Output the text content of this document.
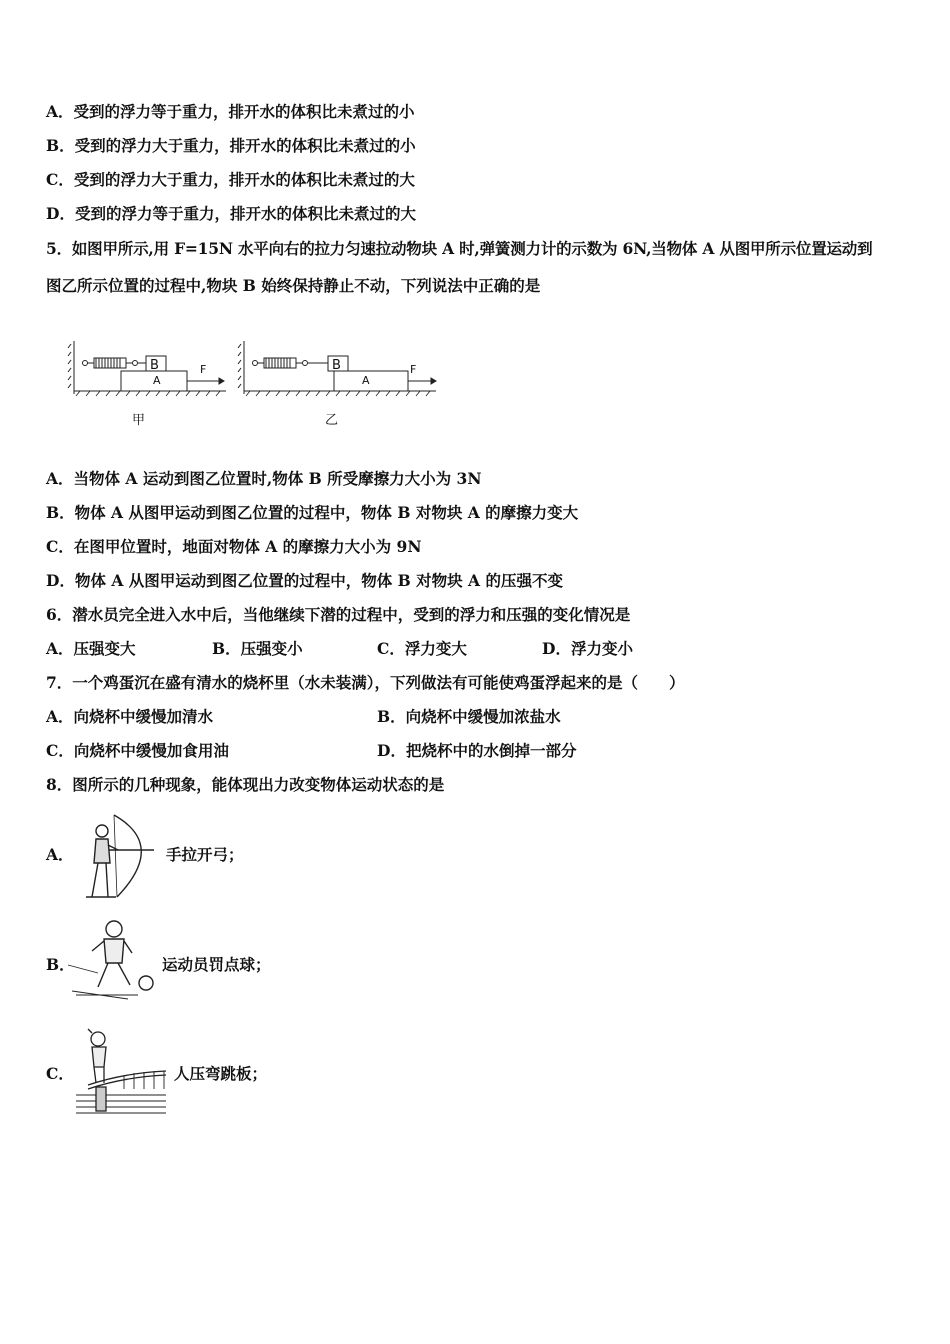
A．受到的浮力等于重力，排开水的体积比未煮过的小
B．受到的浮力大于重力，排开水的体积比未煮过的小
C．受到的浮力大于重力，排开水的体积比未煮过的大
D．受到的浮力等于重力，排开水的体积比未煮过的大
5．如图甲所示,用 F=15N 水平向右的拉力匀速拉动物块 A 时,弹簧测力计的示数为 6N,当物体 A 从图甲所示位置运动到
图乙所示位置的过程中,物块 B 始终保持静止不动，下列说法中正确的是
B
A
F	B
A
F
甲	乙
A．当物体 A 运动到图乙位置时,物体 B 所受摩擦力大小为 3N
B．物体 A 从图甲运动到图乙位置的过程中，物体 B 对物块 A 的摩擦力变大
C．在图甲位置时，地面对物体 A 的摩擦力大小为 9N
D．物体 A 从图甲运动到图乙位置的过程中，物体 B 对物块 A 的压强不变
6．潜水员完全进入水中后，当他继续下潜的过程中，受到的浮力和压强的变化情况是
A．压强变大	B．压强变小	C．浮力变大	D．浮力变小
7．一个鸡蛋沉在盛有清水的烧杯里（水未装满），下列做法有可能使鸡蛋浮起来的是（　　）
A．向烧杯中缓慢加清水	B．向烧杯中缓慢加浓盐水
C．向烧杯中缓慢加食用油	D．把烧杯中的水倒掉一部分
8．图所示的几种现象，能体现出力改变物体运动状态的是
A．	手拉开弓；
B．	运动员罚点球；
C．	人压弯跳板；
